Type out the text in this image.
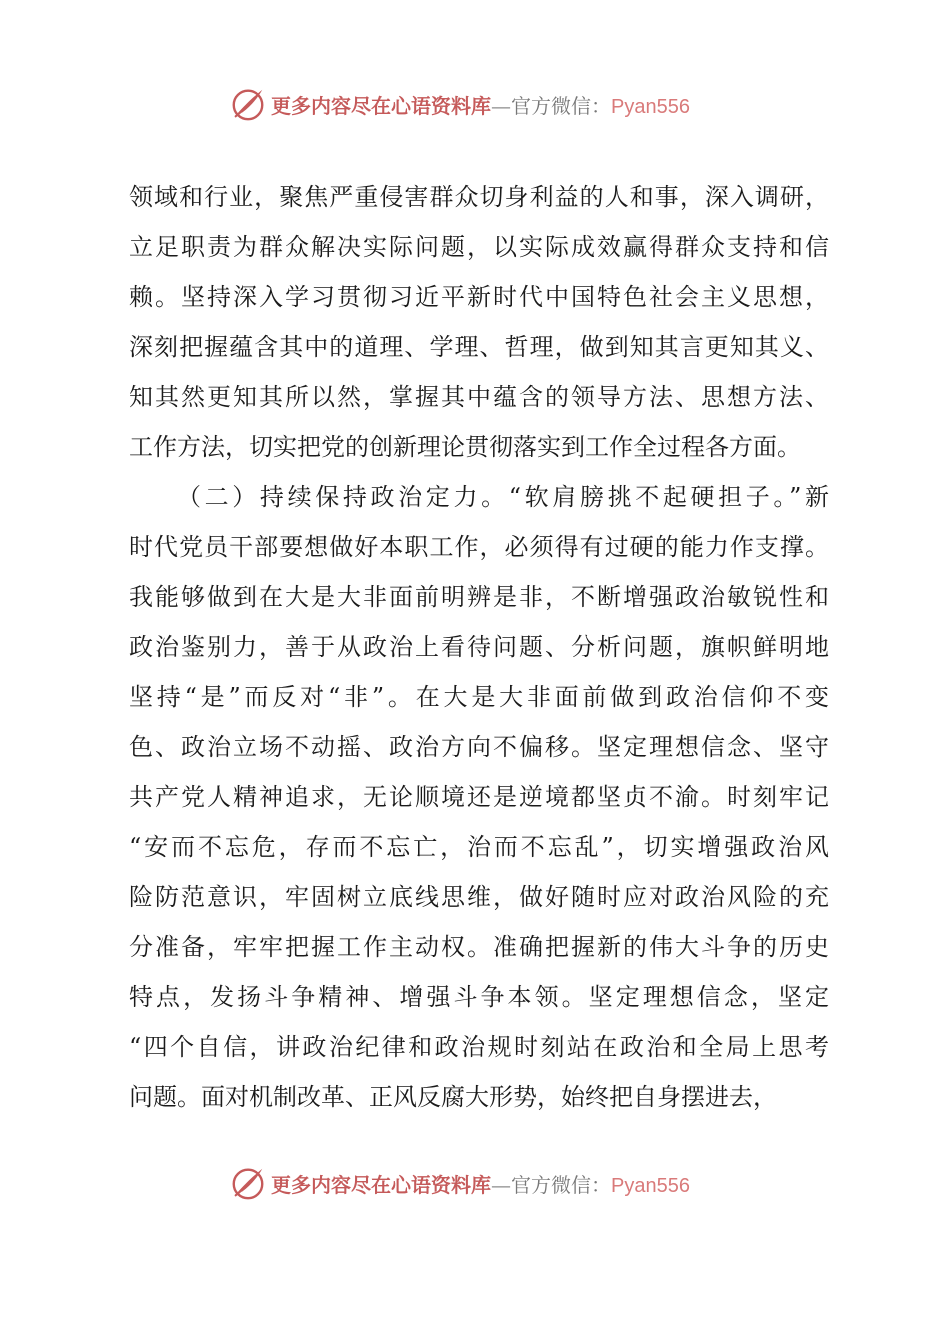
更多内容尽在心语资料库—官方微信：Pyan556
领域和行业，聚焦严重侵害群众切身利益的人和事，深入调研，
立足职责为群众解决实际问题，以实际成效赢得群众支持和信
赖。坚持深入学习贯彻习近平新时代中国特色社会主义思想，
深刻把握蕴含其中的道理、学理、哲理，做到知其言更知其义、
知其然更知其所以然，掌握其中蕴含的领导方法、思想方法、
工作方法，切实把党的创新理论贯彻落实到工作全过程各方面。
（二）持续保持政治定力。“软肩膀挑不起硬担子。”新
时代党员干部要想做好本职工作，必须得有过硬的能力作支撑。
我能够做到在大是大非面前明辨是非，不断增强政治敏锐性和
政治鉴别力，善于从政治上看待问题、分析问题，旗帜鲜明地
坚持“是”而反对“非”。在大是大非面前做到政治信仰不变
色、政治立场不动摇、政治方向不偏移。坚定理想信念、坚守
共产党人精神追求，无论顺境还是逆境都坚贞不渝。时刻牢记
“安而不忘危，存而不忘亡，治而不忘乱”，切实增强政治风
险防范意识，牢固树立底线思维，做好随时应对政治风险的充
分准备，牢牢把握工作主动权。准确把握新的伟大斗争的历史
特点，发扬斗争精神、增强斗争本领。坚定理想信念，坚定
“四个自信，讲政治纪律和政治规时刻站在政治和全局上思考
问题。面对机制改革、正风反腐大形势，始终把自身摆进去，
更多内容尽在心语资料库—官方微信：Pyan556
